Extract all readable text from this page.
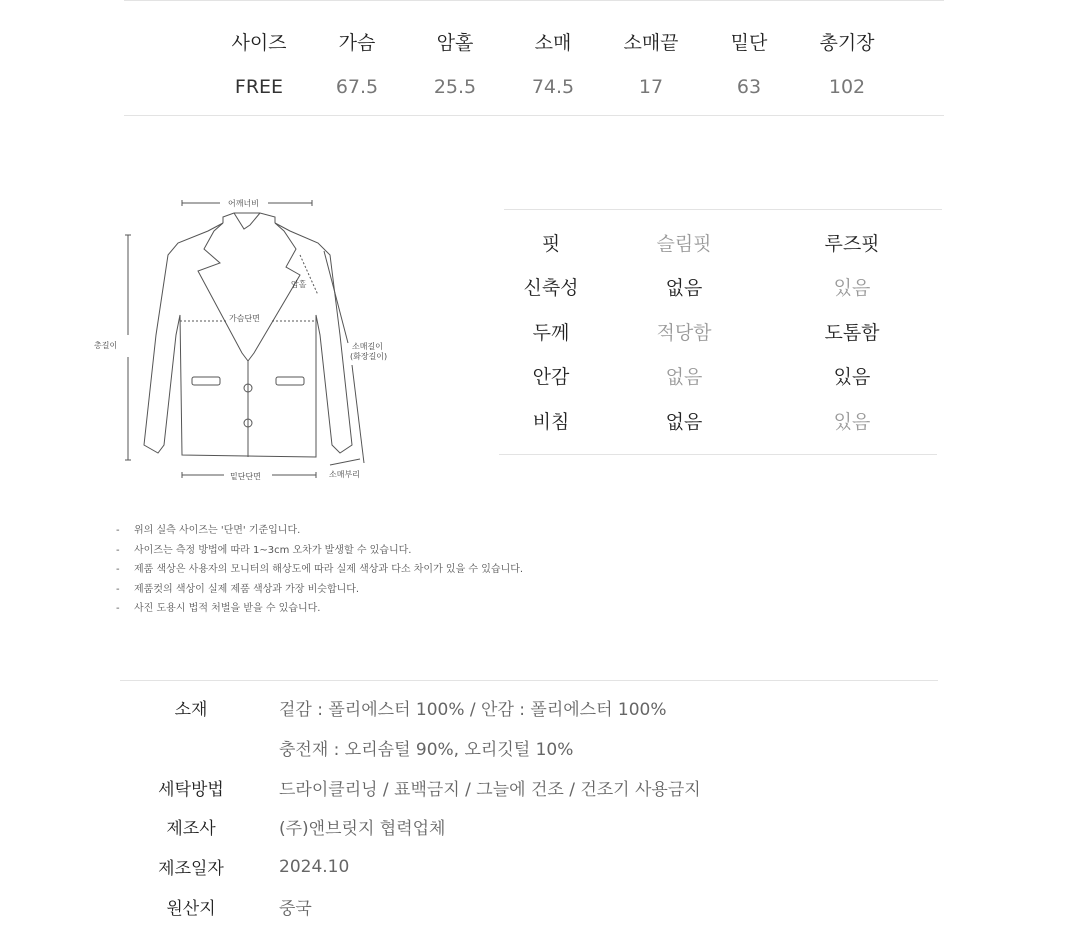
사이즈	가슴	암홀	소매	소매끝	밑단	총기장
FREE	67.5	25.5	74.5	17	63	102
어깨너비
암홀
가슴단면
총길이	소매길이
(화장길이)
밑단단면	소매부리
핏	슬림핏	루즈핏
신축성	없음	있음
두께	적당함	도톰함
안감	없음	있음
비침	없음	있음
- 위의 실측 사이즈는 '단면' 기준입니다.
- 사이즈는 측정 방법에 따라 1~3cm 오차가 발생할 수 있습니다.
- 제품 색상은 사용자의 모니터의 해상도에 따라 실제 색상과 다소 차이가 있을 수 있습니다.
- 제품컷의 색상이 실제 제품 색상과 가장 비슷합니다.
- 사진 도용시 법적 처벌을 받을 수 있습니다.
소재	겉감 : 폴리에스터 100% / 안감 : 폴리에스터 100%
충전재 : 오리솜털 90%, 오리깃털 10%
세탁방법	드라이클리닝 / 표백금지 / 그늘에 건조 / 건조기 사용금지
제조사	(주)앤브릿지 협력업체
제조일자	2024.10
원산지	중국
